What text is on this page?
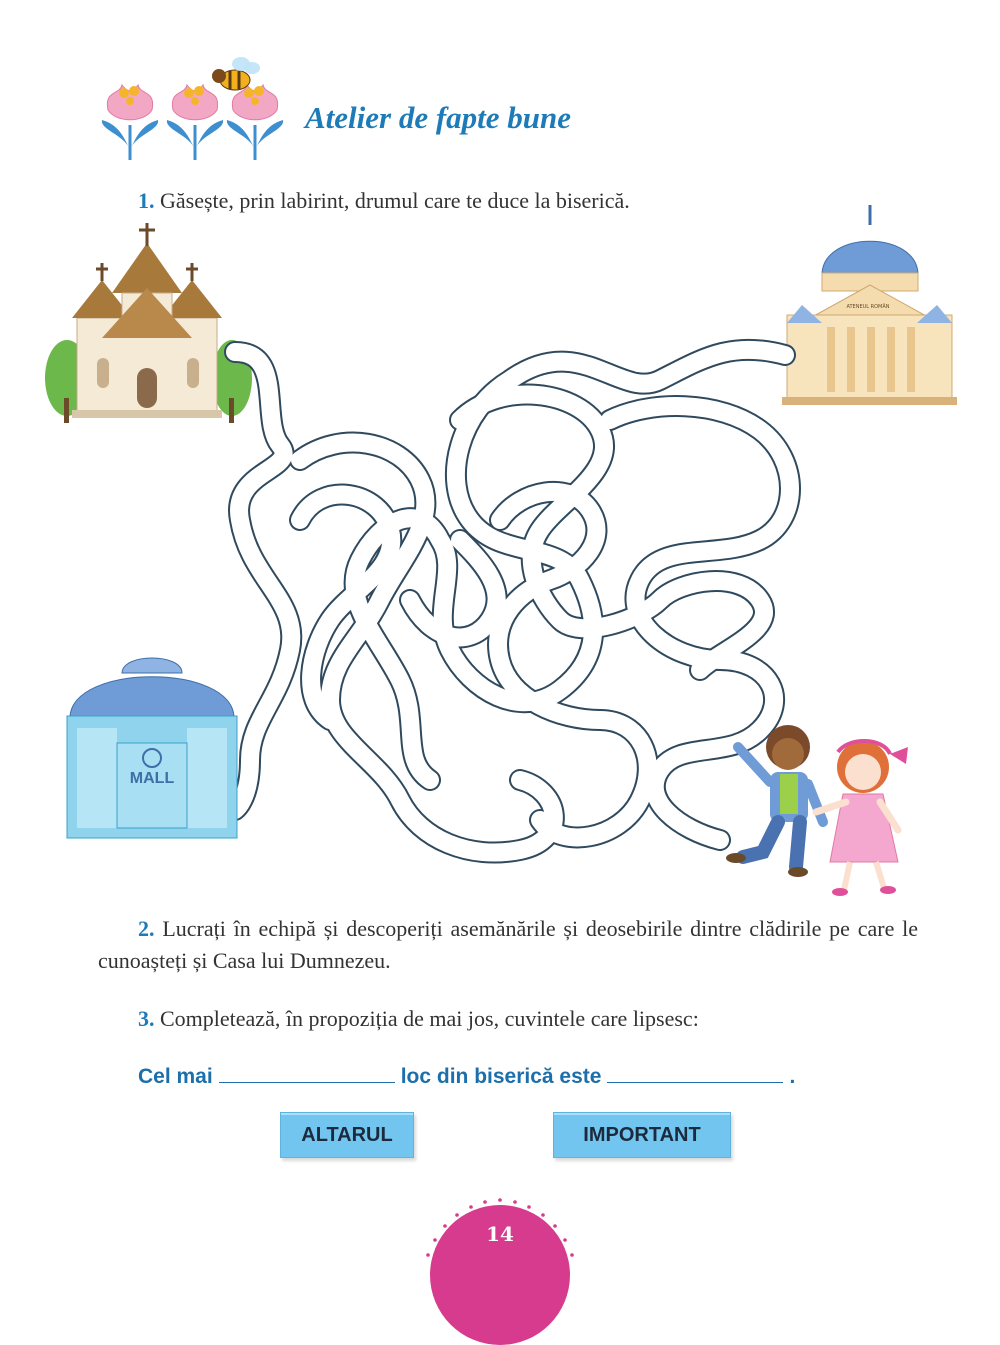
Atelier de fapte bune
1. Găsește, prin labirint, drumul care te duce la biserică.
ATENEUL ROMÂN
MALL
2. Lucrați în echipă și descoperiți asemănările și deosebirile dintre clădirile pe care le cunoașteți și Casa lui Dumnezeu.
3. Completează, în propoziția de mai jos, cuvintele care lipsesc:
Cel mai	loc din biserică este	.
ALTARUL	IMPORTANT
14
